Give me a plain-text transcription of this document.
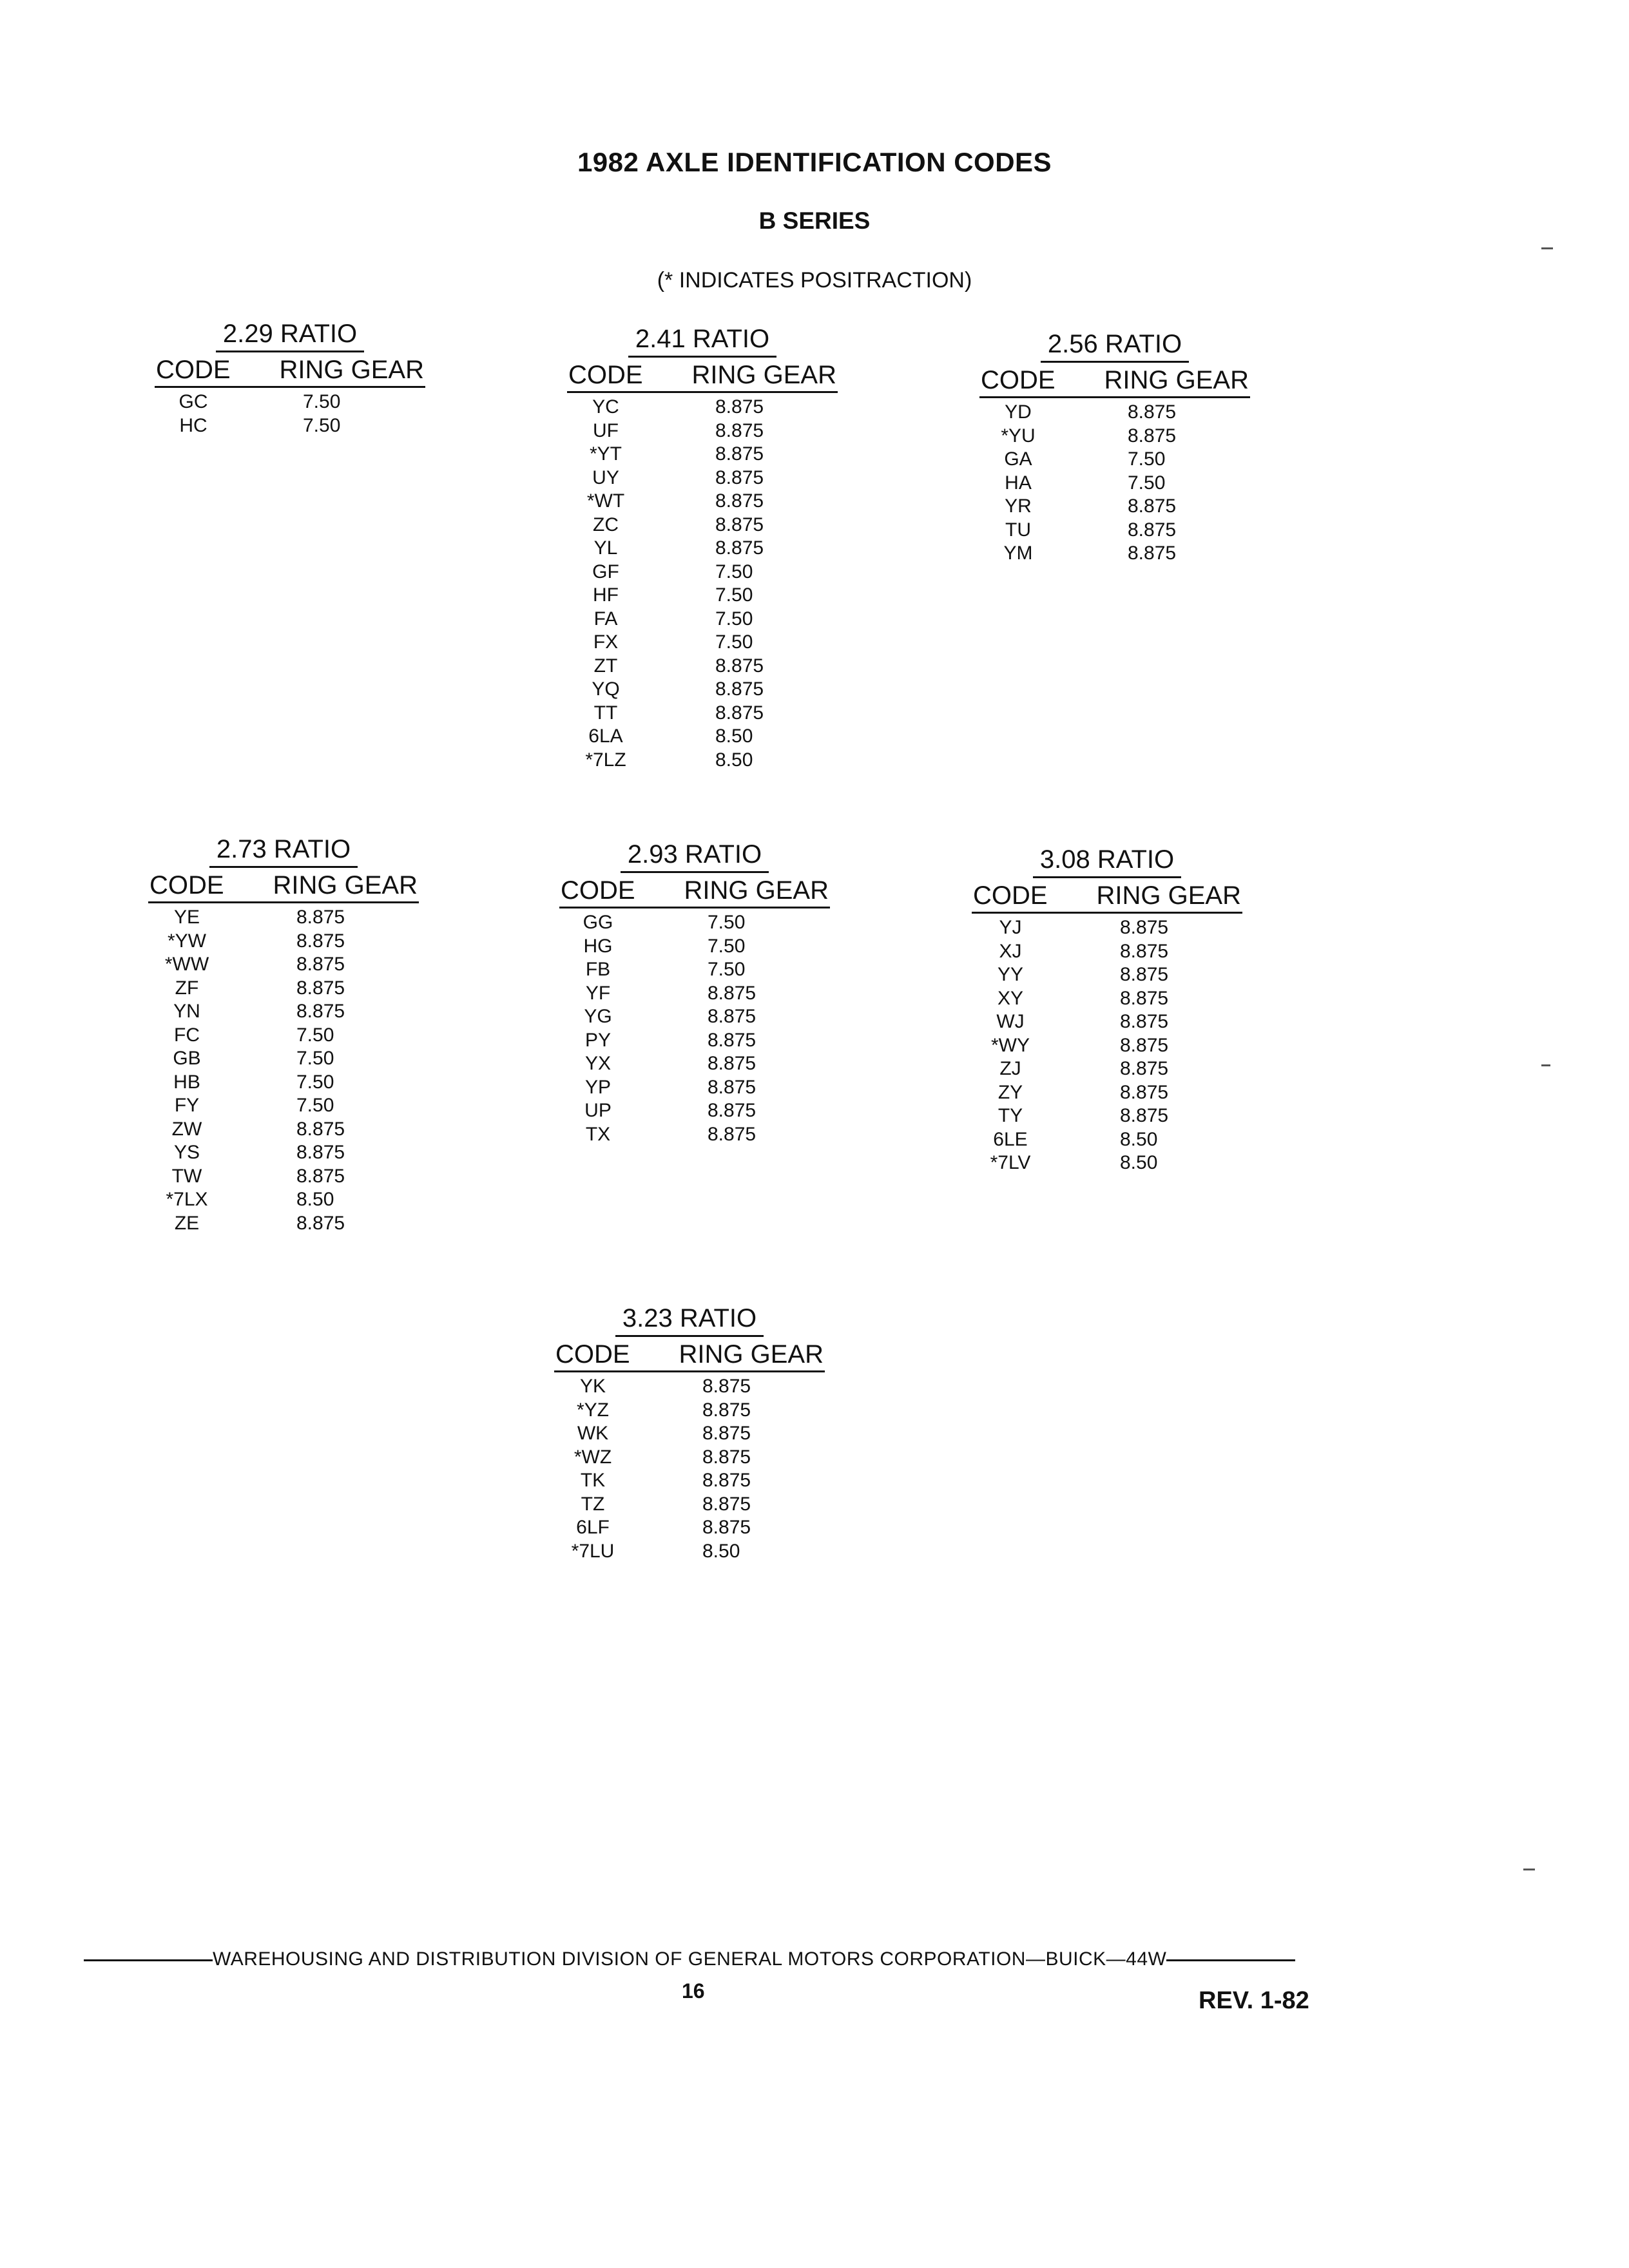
1982 AXLE IDENTIFICATION CODES
B SERIES
(* INDICATES POSITRACTION)
2.29 RATIO
CODE RING GEAR
GC	7.50
HC	7.50
2.41 RATIO
CODE RING GEAR
YC	8.875
UF	8.875
*YT	8.875
UY	8.875
*WT	8.875
ZC	8.875
YL	8.875
GF	7.50
HF	7.50
FA	7.50
FX	7.50
ZT	8.875
YQ	8.875
TT	8.875
6LA	8.50
*7LZ	8.50
2.56 RATIO
CODE RING GEAR
YD	8.875
*YU	8.875
GA	7.50
HA	7.50
YR	8.875
TU	8.875
YM	8.875
2.73 RATIO
CODE RING GEAR
YE	8.875
*YW	8.875
*WW	8.875
ZF	8.875
YN	8.875
FC	7.50
GB	7.50
HB	7.50
FY	7.50
ZW	8.875
YS	8.875
TW	8.875
*7LX	8.50
ZE	8.875
2.93 RATIO
CODE RING GEAR
GG	7.50
HG	7.50
FB	7.50
YF	8.875
YG	8.875
PY	8.875
YX	8.875
YP	8.875
UP	8.875
TX	8.875
3.08 RATIO
CODE RING GEAR
YJ	8.875
XJ	8.875
YY	8.875
XY	8.875
WJ	8.875
*WY	8.875
ZJ	8.875
ZY	8.875
TY	8.875
6LE	8.50
*7LV	8.50
3.23 RATIO
CODE RING GEAR
YK	8.875
*YZ	8.875
WK	8.875
*WZ	8.875
TK	8.875
TZ	8.875
6LF	8.875
*7LU	8.50
WAREHOUSING AND DISTRIBUTION DIVISION OF GENERAL MOTORS CORPORATION—BUICK—44W
16	REV. 1-82
